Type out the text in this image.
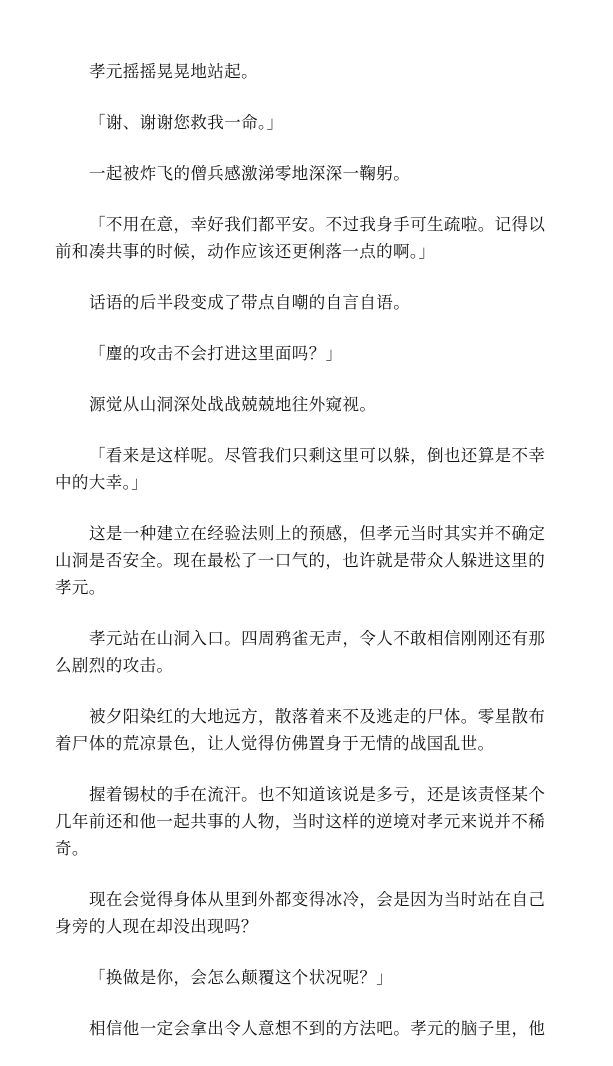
孝元摇摇晃晃地站起。

「谢、谢谢您救我一命。」

一起被炸飞的僧兵感激涕零地深深一鞠躬。

「不用在意，幸好我们都平安。不过我身手可生疏啦。记得以前和凑共事的时候，动作应该还更俐落一点的啊。」

话语的后半段变成了带点自嘲的自言自语。

「麈的攻击不会打进这里面吗？」

源觉从山洞深处战战兢兢地往外窥视。

「看来是这样呢。尽管我们只剩这里可以躲，倒也还算是不幸中的大幸。」

这是一种建立在经验法则上的预感，但孝元当时其实并不确定山洞是否安全。现在最松了一口气的，也许就是带众人躲进这里的孝元。

孝元站在山洞入口。四周鸦雀无声，令人不敢相信刚刚还有那么剧烈的攻击。

被夕阳染红的大地远方，散落着来不及逃走的尸体。零星散布着尸体的荒凉景色，让人觉得仿佛置身于无情的战国乱世。

握着锡杖的手在流汗。也不知道该说是多亏，还是该责怪某个几年前还和他一起共事的人物，当时这样的逆境对孝元来说并不稀奇。

现在会觉得身体从里到外都变得冰冷，会是因为当时站在自己身旁的人现在却没出现吗？

「换做是你，会怎么颠覆这个状况呢？」

相信他一定会拿出令人意想不到的方法吧。孝元的脑子里，他
